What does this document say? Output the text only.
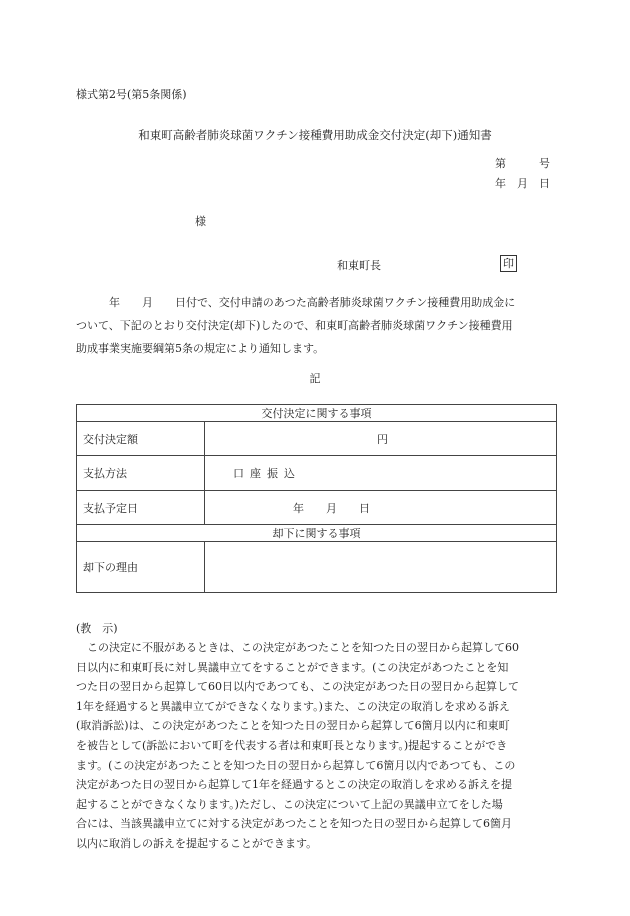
様式第2号(第5条関係)
和東町高齢者肺炎球菌ワクチン接種費用助成金交付決定(却下)通知書
第　　　号
年　月　日
様
和東町長	印
　　　年　　月　　日付で、交付申請のあつた高齢者肺炎球菌ワクチン接種費用助成金に
ついて、下記のとおり交付決定(却下)したので、和東町高齢者肺炎球菌ワクチン接種費用
助成事業実施要綱第5条の規定により通知します。
記
交付決定に関する事項	
交付決定額	円
支払方法	口座振込
支払予定日	年　　月　　日
却下に関する事項	
却下の理由	
(教　示)
　この決定に不服があるときは、この決定があつたことを知つた日の翌日から起算して60
日以内に和東町長に対し異議申立てをすることができます。(この決定があつたことを知
つた日の翌日から起算して60日以内であつても、この決定があつた日の翌日から起算して
1年を経過すると異議申立てができなくなります。)また、この決定の取消しを求める訴え
(取消訴訟)は、この決定があつたことを知つた日の翌日から起算して6箇月以内に和東町
を被告として(訴訟において町を代表する者は和東町長となります。)提起することができ
ます。(この決定があつたことを知つた日の翌日から起算して6箇月以内であつても、この
決定があつた日の翌日から起算して1年を経過するとこの決定の取消しを求める訴えを提
起することができなくなります。)ただし、この決定について上記の異議申立てをした場
合には、当該異議申立てに対する決定があつたことを知つた日の翌日から起算して6箇月
以内に取消しの訴えを提起することができます。
